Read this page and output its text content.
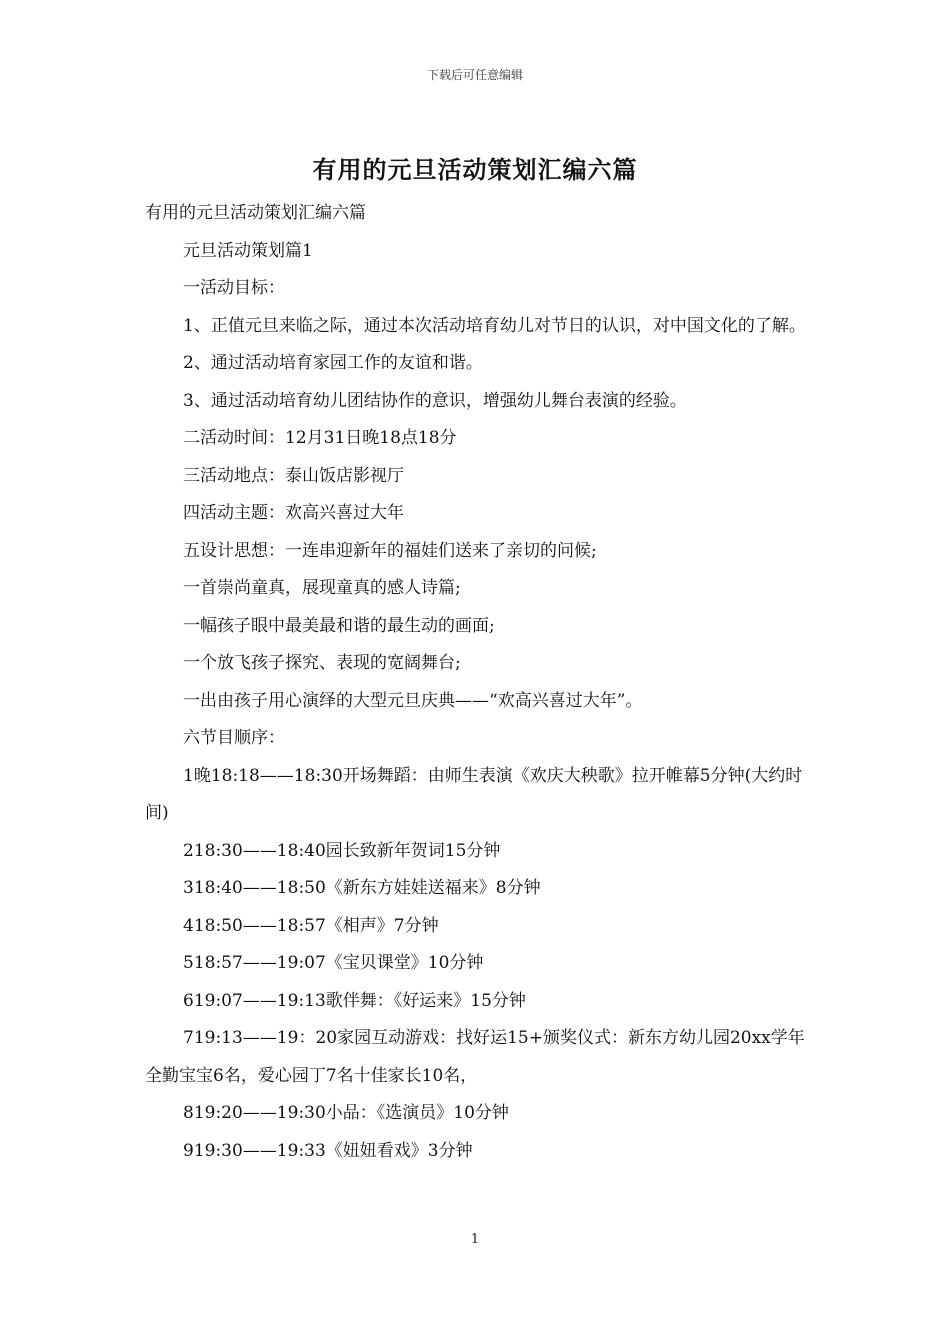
下载后可任意编辑
有用的元旦活动策划汇编六篇

有用的元旦活动策划汇编六篇

元旦活动策划篇1

一活动目标：

1、正值元旦来临之际，通过本次活动培育幼儿对节日的认识，对中国文化的了解。

2、通过活动培育家园工作的友谊和谐。

3、通过活动培育幼儿团结协作的意识，增强幼儿舞台表演的经验。

二活动时间：12月31日晚18点18分

三活动地点：泰山饭店影视厅

四活动主题：欢高兴喜过大年

五设计思想：一连串迎新年的福娃们送来了亲切的问候;

一首崇尚童真，展现童真的感人诗篇;

一幅孩子眼中最美最和谐的最生动的画面;

一个放飞孩子探究、表现的宽阔舞台;

一出由孩子用心演绎的大型元旦庆典——“欢高兴喜过大年”。

六节目顺序：

1晚18:18——18:30开场舞蹈：由师生表演《欢庆大秧歌》拉开帷幕5分钟(大约时间)

218:30——18:40园长致新年贺词15分钟

318:40——18:50《新东方娃娃送福来》8分钟

418:50——18:57《相声》7分钟

518:57——19:07《宝贝课堂》10分钟

619:07——19:13歌伴舞：《好运来》15分钟

719:13——19：20家园互动游戏：找好运15+颁奖仪式：新东方幼儿园20xx学年全勤宝宝6名，爱心园丁7名十佳家长10名，

819:20——19:30小品：《选演员》10分钟

919:30——19:33《妞妞看戏》3分钟

1
